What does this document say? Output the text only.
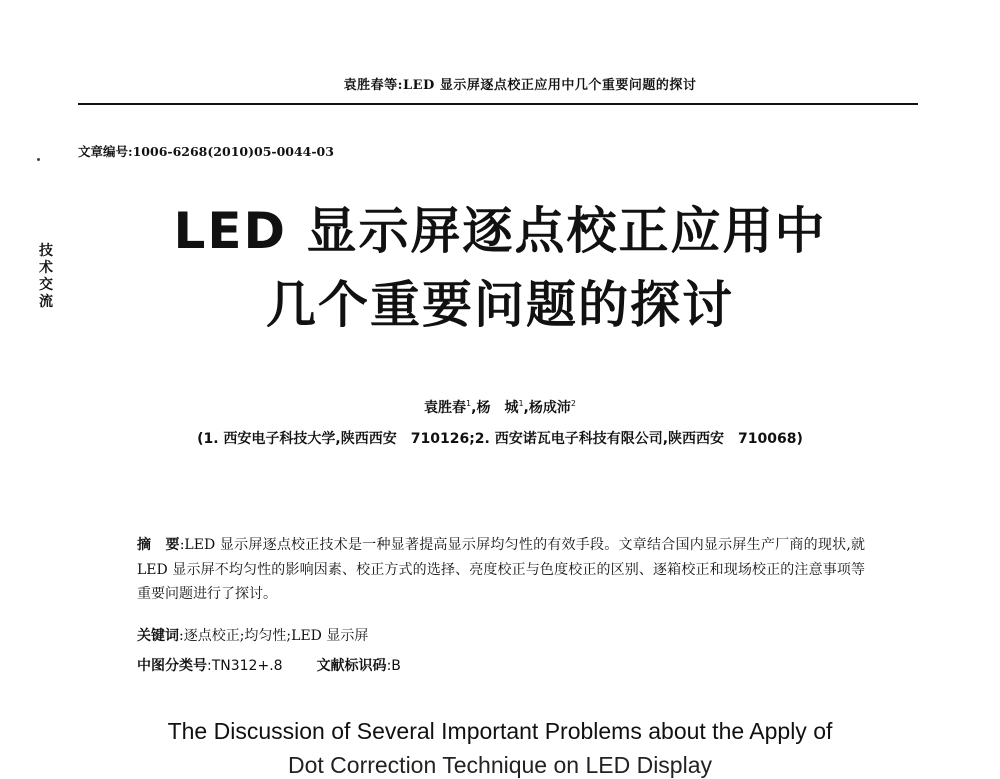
袁胜春等:LED 显示屏逐点校正应用中几个重要问题的探讨
技术交流
文章编号:1006-6268(2010)05-0044-03
LED 显示屏逐点校正应用中
几个重要问题的探讨
袁胜春$^1$,杨　城$^1$,杨成沛$^2$
(1. 西安电子科技大学,陕西西安　710126;2. 西安诺瓦电子科技有限公司,陕西西安　710068)
摘　要:LED 显示屏逐点校正技术是一种显著提高显示屏均匀性的有效手段。文章结合国内显示屏生产厂商的现状,就 LED 显示屏不均匀性的影响因素、校正方式的选择、亮度校正与色度校正的区别、逐箱校正和现场校正的注意事项等重要问题进行了探讨。
关键词:逐点校正;均匀性;LED 显示屏
中图分类号:TN312+.8 文献标识码:B
The Discussion of Several Important Problems about the Apply of
Dot Correction Technique on LED Display
